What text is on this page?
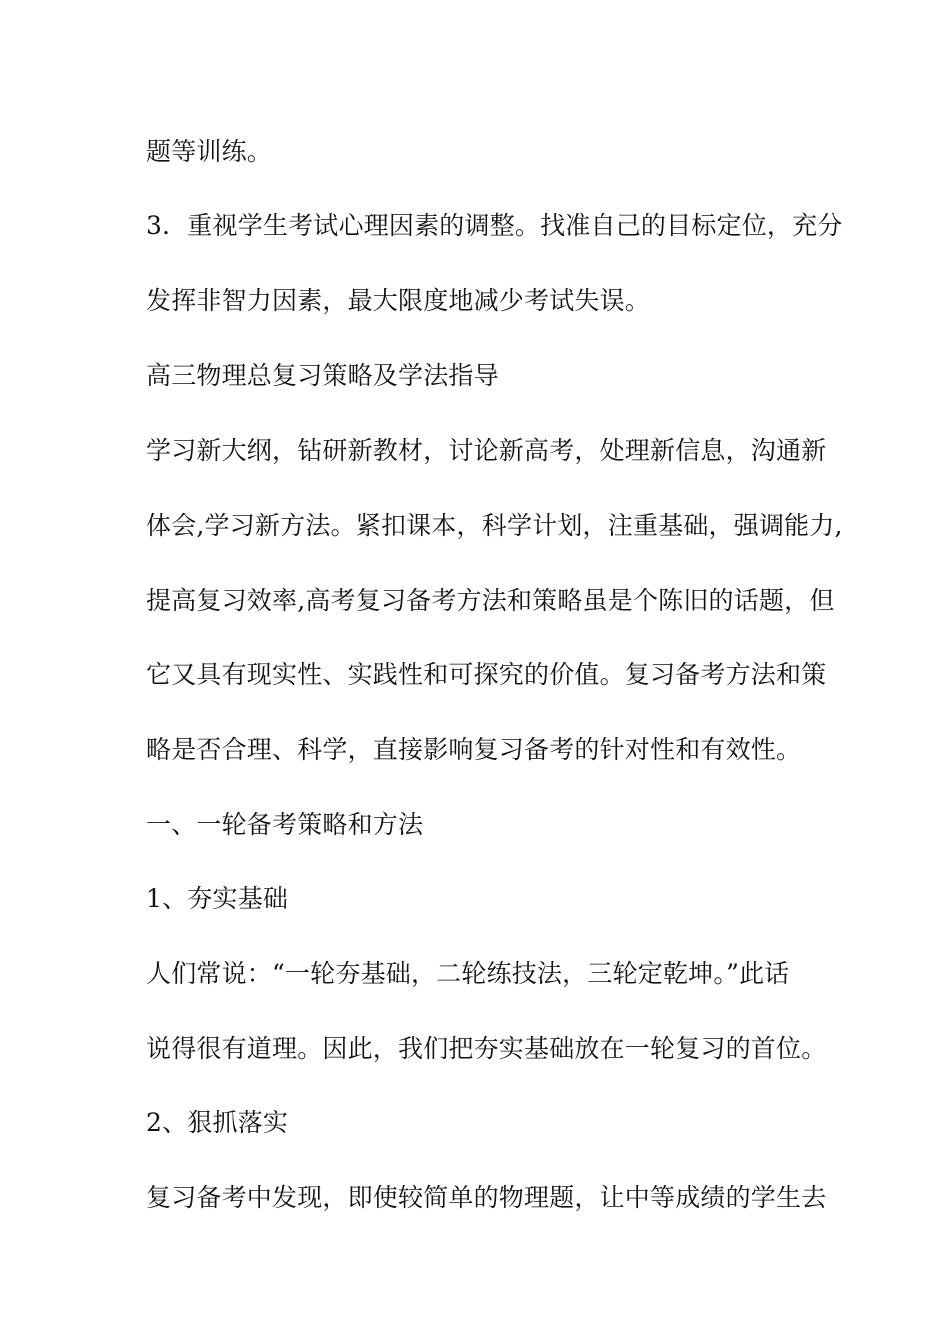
题等训练。
3．重视学生考试心理因素的调整。找准自己的目标定位，充分
发挥非智力因素，最大限度地减少考试失误。
高三物理总复习策略及学法指导
学习新大纲，钻研新教材，讨论新高考，处理新信息，沟通新
体会,学习新方法。紧扣课本，科学计划，注重基础，强调能力,
提高复习效率,高考复习备考方法和策略虽是个陈旧的话题，但
它又具有现实性、实践性和可探究的价值。复习备考方法和策
略是否合理、科学，直接影响复习备考的针对性和有效性。
一、一轮备考策略和方法
1、夯实基础
人们常说：“一轮夯基础，二轮练技法，三轮定乾坤。”此话
说得很有道理。因此，我们把夯实基础放在一轮复习的首位。
2、狠抓落实
复习备考中发现，即使较简单的物理题，让中等成绩的学生去
